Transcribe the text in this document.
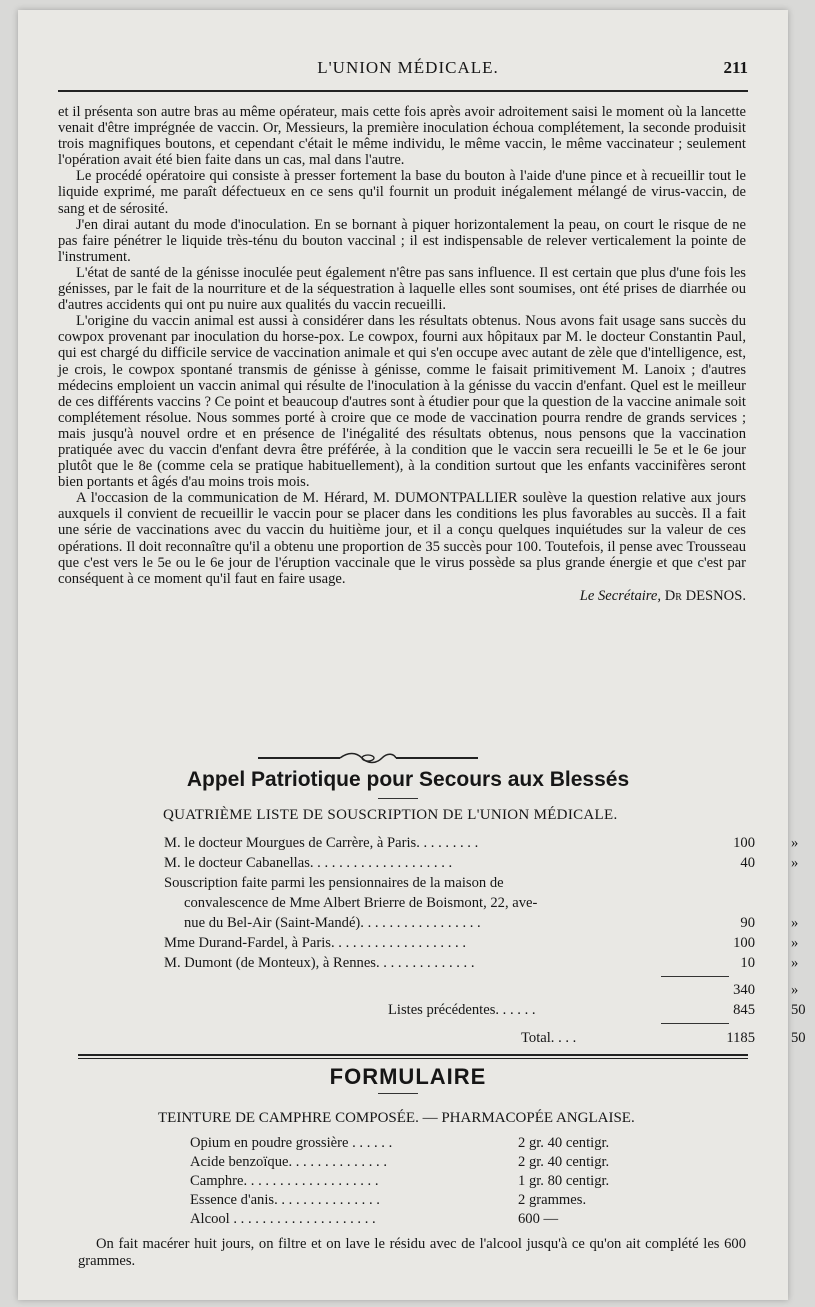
L'UNION MÉDICALE.	211

et il présenta son autre bras au même opérateur, mais cette fois après avoir adroitement saisi le moment où la lancette venait d'être imprégnée de vaccin. Or, Messieurs, la première inoculation échoua complétement, la seconde produisit trois magnifiques boutons, et cependant c'était le même individu, le même vaccin, le même vaccinateur ; seulement l'opération avait été bien faite dans un cas, mal dans l'autre.

Le procédé opératoire qui consiste à presser fortement la base du bouton à l'aide d'une pince et à recueillir tout le liquide exprimé, me paraît défectueux en ce sens qu'il fournit un produit inégalement mélangé de virus-vaccin, de sang et de sérosité.

J'en dirai autant du mode d'inoculation. En se bornant à piquer horizontalement la peau, on court le risque de ne pas faire pénétrer le liquide très-ténu du bouton vaccinal ; il est indispensable de relever verticalement la pointe de l'instrument.

L'état de santé de la génisse inoculée peut également n'être pas sans influence. Il est certain que plus d'une fois les génisses, par le fait de la nourriture et de la séquestration à laquelle elles sont soumises, ont été prises de diarrhée ou d'autres accidents qui ont pu nuire aux qualités du vaccin recueilli.

L'origine du vaccin animal est aussi à considérer dans les résultats obtenus. Nous avons fait usage sans succès du cowpox provenant par inoculation du horse-pox. Le cowpox, fourni aux hôpitaux par M. le docteur Constantin Paul, qui est chargé du difficile service de vaccination animale et qui s'en occupe avec autant de zèle que d'intelligence, est, je crois, le cowpox spontané transmis de génisse à génisse, comme le faisait primitivement M. Lanoix ; d'autres médecins emploient un vaccin animal qui résulte de l'inoculation à la génisse du vaccin d'enfant. Quel est le meilleur de ces différents vaccins ? Ce point et beaucoup d'autres sont à étudier pour que la question de la vaccine animale soit complétement résolue. Nous sommes porté à croire que ce mode de vaccination pourra rendre de grands services ; mais jusqu'à nouvel ordre et en présence de l'inégalité des résultats obtenus, nous pensons que la vaccination pratiquée avec du vaccin d'enfant devra être préférée, à la condition que le vaccin sera recueilli le 5e et le 6e jour plutôt que le 8e (comme cela se pratique habituellement), à la condition surtout que les enfants vaccinifères seront bien portants et âgés d'au moins trois mois.

A l'occasion de la communication de M. Hérard, M. DUMONTPALLIER soulève la question relative aux jours auxquels il convient de recueillir le vaccin pour se placer dans les conditions les plus favorables au succès. Il a fait une série de vaccinations avec du vaccin du huitième jour, et il a conçu quelques inquiétudes sur la valeur de ces opérations. Il doit reconnaître qu'il a obtenu une proportion de 35 succès pour 100. Toutefois, il pense avec Trousseau que c'est vers le 5e ou le 6e jour de l'éruption vaccinale que le virus possède sa plus grande énergie et que c'est par conséquent à ce moment qu'il faut en faire usage.

Le Secrétaire, Dr DESNOS.
Appel Patriotique pour Secours aux Blessés
QUATRIÈME LISTE DE SOUSCRIPTION DE L'UNION MÉDICALE.
M. le docteur Mourgues de Carrère, à Paris. . . . . . . . .	100 »
M. le docteur Cabanellas. . . . . . . . . . . . . . . . . . . .	40 »
Souscription faite parmi les pensionnaires de la maison de
convalescence de Mme Albert Brierre de Boismont, 22, ave-
nue du Bel-Air (Saint-Mandé). . . . . . . . . . . . . . . . .	90 »
Mme Durand-Fardel, à Paris. . . . . . . . . . . . . . . . . . .	100 »
M. Dumont (de Monteux), à Rennes. . . . . . . . . . . . . .	10 »
340 »
Listes précédentes. . . . . .	845 50
Total. . . .	1185 50
FORMULAIRE
TEINTURE DE CAMPHRE COMPOSÉE. — PHARMACOPÉE ANGLAISE.
Opium en poudre grossière . . . . . .	2 gr. 40 centigr.
Acide benzoïque. . . . . . . . . . . . . .	2 gr. 40 centigr.
Camphre. . . . . . . . . . . . . . . . . . .	1 gr. 80 centigr.
Essence d'anis. . . . . . . . . . . . . . .	2 grammes.
Alcool . . . . . . . . . . . . . . . . . . . .	600 —

On fait macérer huit jours, on filtre et on lave le résidu avec de l'alcool jusqu'à ce qu'on ait complété les 600 grammes.
